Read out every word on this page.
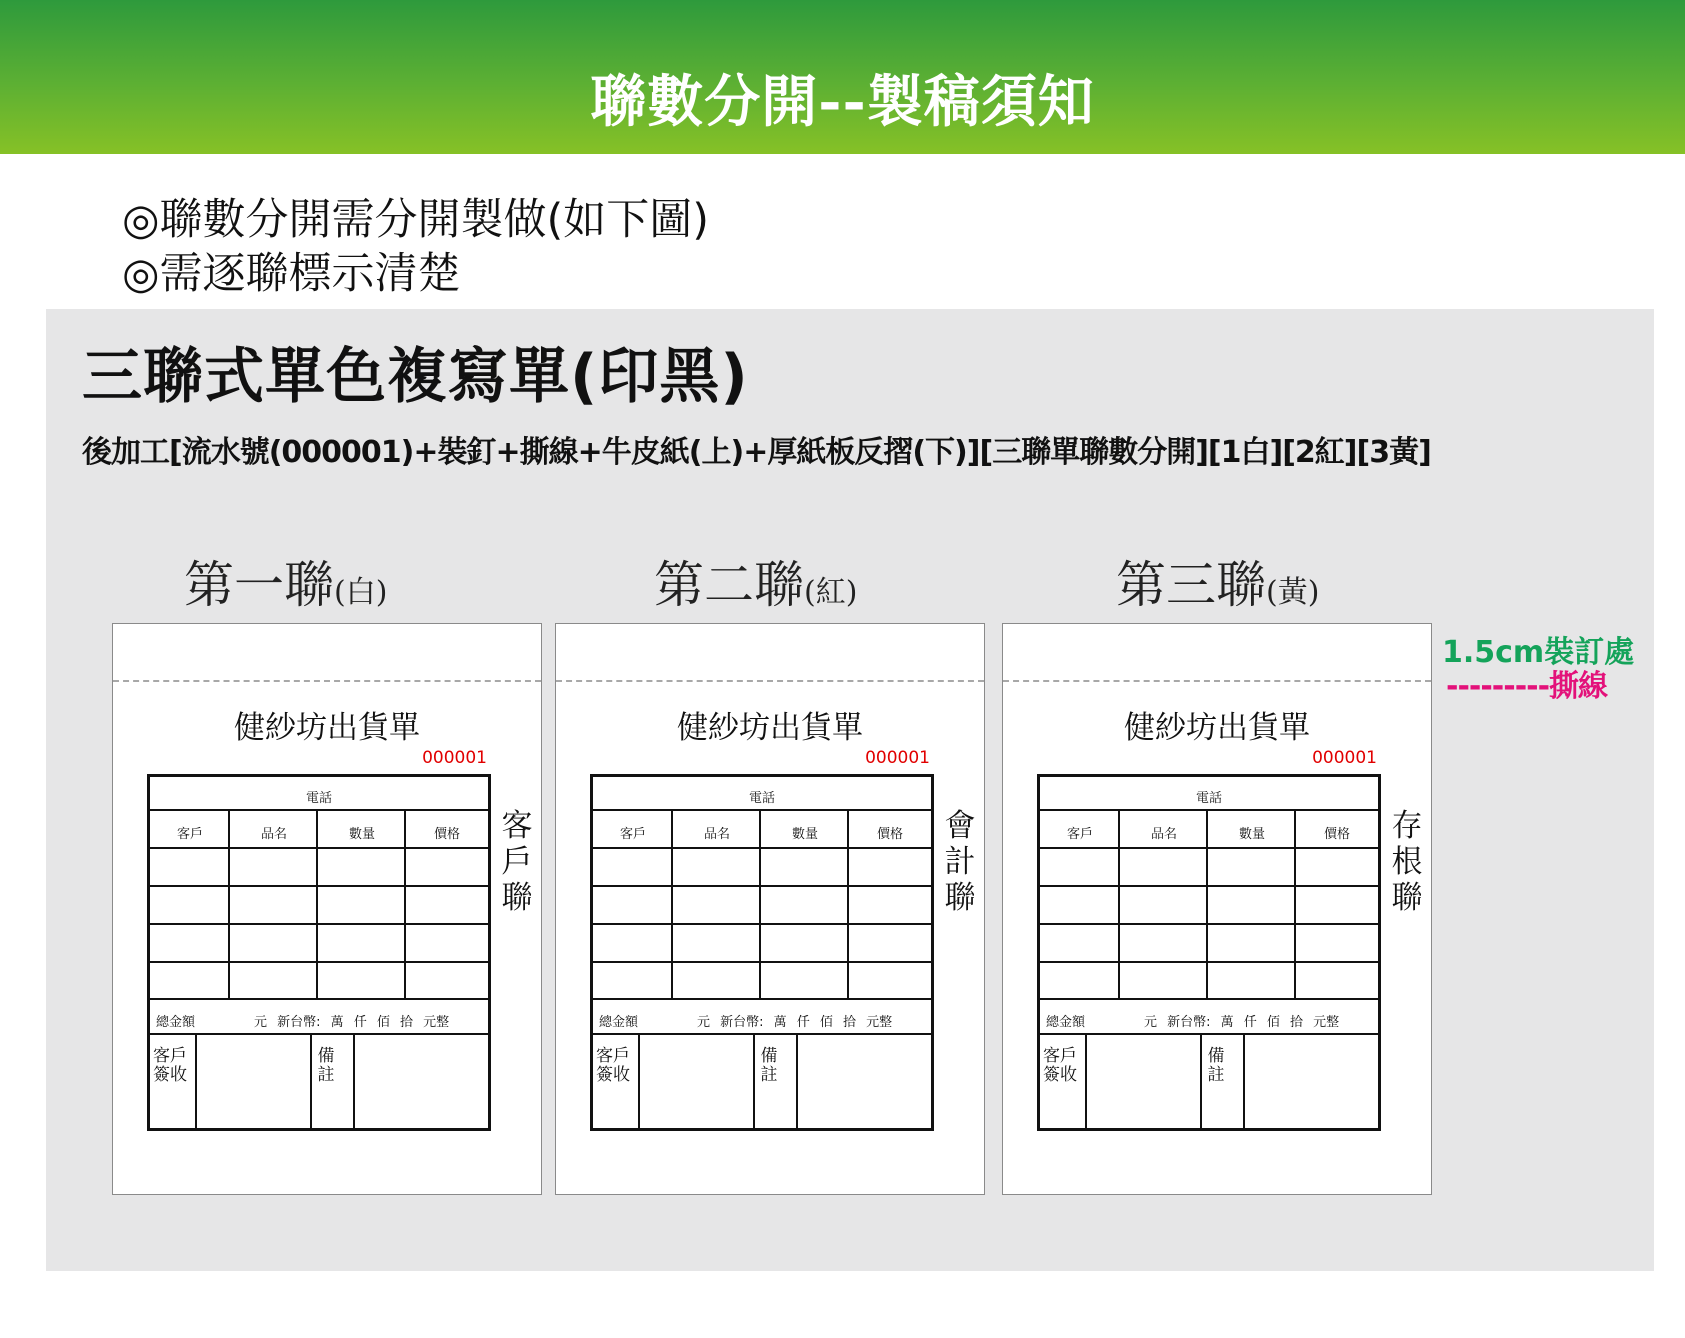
聯數分開--製稿須知
◎聯數分開需分開製做(如下圖)
◎需逐聯標示清楚
三聯式單色複寫單(印黑)
後加工[流水號(000001)+裝釘+撕線+牛皮紙(上)+厚紙板反摺(下)][三聯單聯數分開][1白][2紅][3黃]
第一聯(白)	第二聯(紅)	第三聯(黃)
1.5cm裝訂處
---------撕線
健紗坊出貨單
000001
電話
客戶	品名	數量	價格
總金額	元 新台幣: 萬 仟 佰 拾 元整
客戶簽收
備註
客戶聯
健紗坊出貨單
000001
電話
客戶	品名	數量	價格
總金額	元 新台幣: 萬 仟 佰 拾 元整
客戶簽收
備註
會計聯
健紗坊出貨單
000001
電話
客戶	品名	數量	價格
總金額	元 新台幣: 萬 仟 佰 拾 元整
客戶簽收
備註
存根聯
